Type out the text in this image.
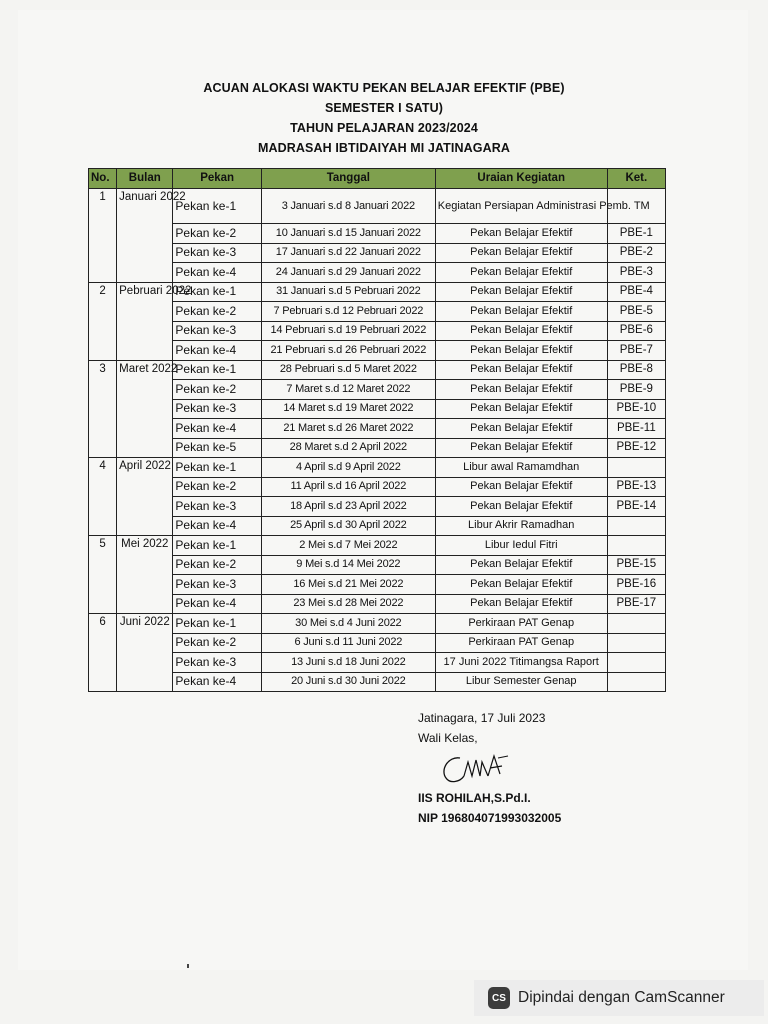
ACUAN ALOKASI WAKTU PEKAN BELAJAR EFEKTIF (PBE)
SEMESTER I SATU)
TAHUN PELAJARAN 2023/2024
MADRASAH IBTIDAIYAH MI JATINAGARA
No.	Bulan	Pekan	Tanggal	Uraian Kegiatan	Ket.
1	Januari 2022	Pekan ke-1	3 Januari s.d 8 Januari 2022	Kegiatan Persiapan Administrasi Pemb. TM	
		Pekan ke-2	10 Januari s.d 15 Januari 2022	Pekan Belajar Efektif	PBE-1
		Pekan ke-3	17 Januari s.d 22 Januari 2022	Pekan Belajar Efektif	PBE-2
		Pekan ke-4	24 Januari s.d 29 Januari 2022	Pekan Belajar Efektif	PBE-3
2	Pebruari 2022	Pekan ke-1	31 Januari s.d 5 Pebruari 2022	Pekan Belajar Efektif	PBE-4
		Pekan ke-2	7 Pebruari s.d 12 Pebruari 2022	Pekan Belajar Efektif	PBE-5
		Pekan ke-3	14 Pebruari s.d 19 Pebruari 2022	Pekan Belajar Efektif	PBE-6
		Pekan ke-4	21 Pebruari s.d 26 Pebruari 2022	Pekan Belajar Efektif	PBE-7
3	Maret 2022	Pekan ke-1	28 Pebruari s.d 5 Maret 2022	Pekan Belajar Efektif	PBE-8
		Pekan ke-2	7 Maret s.d 12 Maret 2022	Pekan Belajar Efektif	PBE-9
		Pekan ke-3	14 Maret s.d 19 Maret 2022	Pekan Belajar Efektif	PBE-10
		Pekan ke-4	21 Maret s.d 26 Maret 2022	Pekan Belajar Efektif	PBE-11
		Pekan ke-5	28 Maret s.d 2 April 2022	Pekan Belajar Efektif	PBE-12
4	April 2022	Pekan ke-1	4 April s.d 9 April 2022	Libur awal Ramamdhan	
		Pekan ke-2	11 April s.d 16 April 2022	Pekan Belajar Efektif	PBE-13
		Pekan ke-3	18 April s.d 23 April 2022	Pekan Belajar Efektif	PBE-14
		Pekan ke-4	25 April s.d 30 April 2022	Libur Akrir Ramadhan	
5	Mei 2022	Pekan ke-1	2 Mei s.d 7 Mei 2022	Libur Iedul Fitri	
		Pekan ke-2	9 Mei s.d 14 Mei 2022	Pekan Belajar Efektif	PBE-15
		Pekan ke-3	16 Mei s.d 21 Mei 2022	Pekan Belajar Efektif	PBE-16
		Pekan ke-4	23 Mei s.d 28 Mei 2022	Pekan Belajar Efektif	PBE-17
6	Juni 2022	Pekan ke-1	30 Mei s.d 4 Juni 2022	Perkiraan PAT Genap	
		Pekan ke-2	6 Juni s.d 11 Juni 2022	Perkiraan PAT Genap	
		Pekan ke-3	13 Juni s.d 18 Juni 2022	17 Juni 2022 Titimangsa Raport	
		Pekan ke-4	20 Juni s.d 30 Juni 2022	Libur Semester Genap	
Jatinagara, 17 Juli 2023
Wali Kelas,
IIS ROHILAH,S.Pd.I.
NIP 196804071993032005
CS Dipindai dengan CamScanner
